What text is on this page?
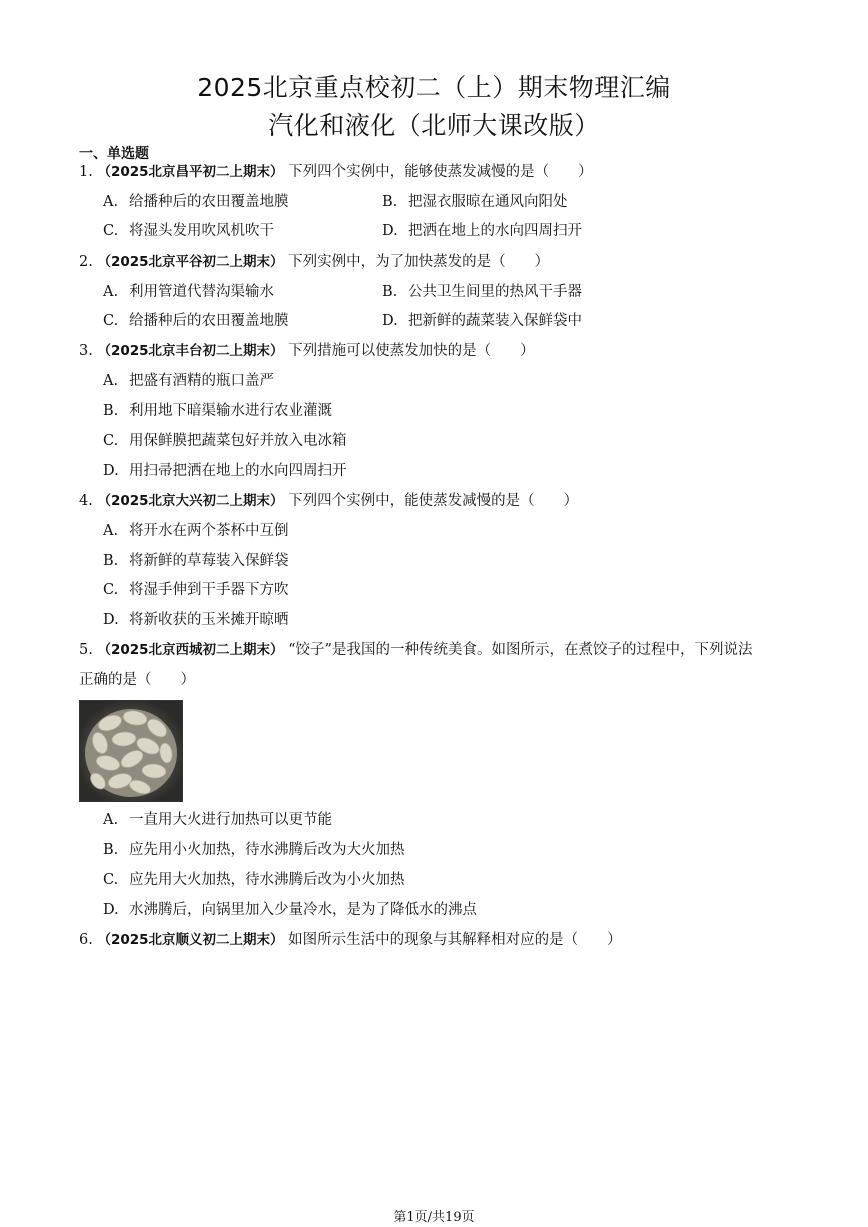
2025北京重点校初二（上）期末物理汇编
汽化和液化（北师大课改版）
一、单选题
1. （2025北京昌平初二上期末） 下列四个实例中，能够使蒸发减慢的是（　　）
A. 给播种后的农田覆盖地膜	B. 把湿衣服晾在通风向阳处
C. 将湿头发用吹风机吹干	D. 把洒在地上的水向四周扫开
2. （2025北京平谷初二上期末） 下列实例中，为了加快蒸发的是（　　）
A. 利用管道代替沟渠输水	B. 公共卫生间里的热风干手器
C. 给播种后的农田覆盖地膜	D. 把新鲜的蔬菜装入保鲜袋中
3. （2025北京丰台初二上期末） 下列措施可以使蒸发加快的是（　　）
A. 把盛有酒精的瓶口盖严
B. 利用地下暗渠输水进行农业灌溉
C. 用保鲜膜把蔬菜包好并放入电冰箱
D. 用扫帚把洒在地上的水向四周扫开
4. （2025北京大兴初二上期末） 下列四个实例中，能使蒸发减慢的是（　　）
A. 将开水在两个茶杯中互倒
B. 将新鲜的草莓装入保鲜袋
C. 将湿手伸到干手器下方吹
D. 将新收获的玉米摊开晾晒
5. （2025北京西城初二上期末） “饺子”是我国的一种传统美食。如图所示，在煮饺子的过程中，下列说法
正确的是（　　）
A. 一直用大火进行加热可以更节能
B. 应先用小火加热，待水沸腾后改为大火加热
C. 应先用大火加热，待水沸腾后改为小火加热
D. 水沸腾后，向锅里加入少量冷水，是为了降低水的沸点
6. （2025北京顺义初二上期末） 如图所示生活中的现象与其解释相对应的是（　　）
第1页/共19页
